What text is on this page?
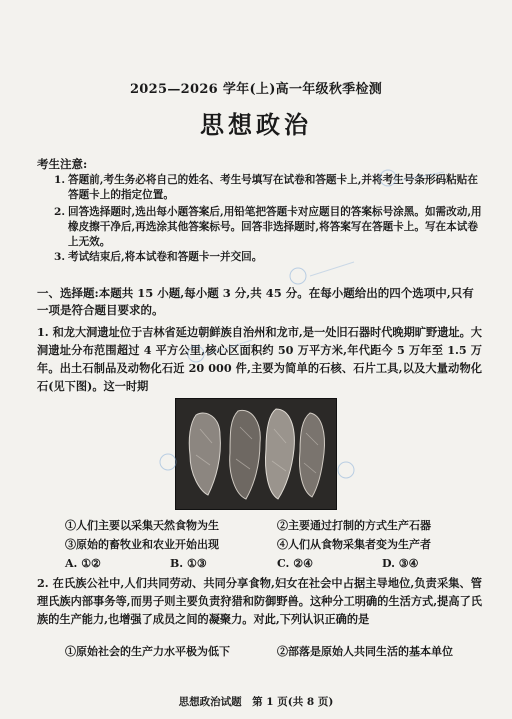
2025—2026 学年(上)高一年级秋季检测
思想政治
考生注意:
1. 答题前,考生务必将自己的姓名、考生号填写在试卷和答题卡上,并将考生号条形码粘贴在答题卡上的指定位置。
2. 回答选择题时,选出每小题答案后,用铅笔把答题卡对应题目的答案标号涂黑。如需改动,用橡皮擦干净后,再选涂其他答案标号。回答非选择题时,将答案写在答题卡上。写在本试卷上无效。
3. 考试结束后,将本试卷和答题卡一并交回。
一、选择题:本题共 15 小题,每小题 3 分,共 45 分。在每小题给出的四个选项中,只有一项是符合题目要求的。
1. 和龙大洞遗址位于吉林省延边朝鲜族自治州和龙市,是一处旧石器时代晚期旷野遗址。大洞遗址分布范围超过 4 平方公里,核心区面积约 50 万平方米,年代距今 5 万年至 1.5 万年。出土石制品及动物化石近 20 000 件,主要为简单的石核、石片工具,以及大量动物化石(见下图)。这一时期
①人们主要以采集天然食物为生	②主要通过打制的方式生产石器
③原始的畜牧业和农业开始出现	④人们从食物采集者变为生产者
A. ①②	B. ①③	C. ②④	D. ③④
2. 在氏族公社中,人们共同劳动、共同分享食物,妇女在社会中占据主导地位,负责采集、管理氏族内部事务等,而男子则主要负责狩猎和防御野兽。这种分工明确的生活方式,提高了氏族的生产能力,也增强了成员之间的凝聚力。对此,下列认识正确的是
①原始社会的生产力水平极为低下	②部落是原始人共同生活的基本单位
思想政治试题　第 1 页(共 8 页)
